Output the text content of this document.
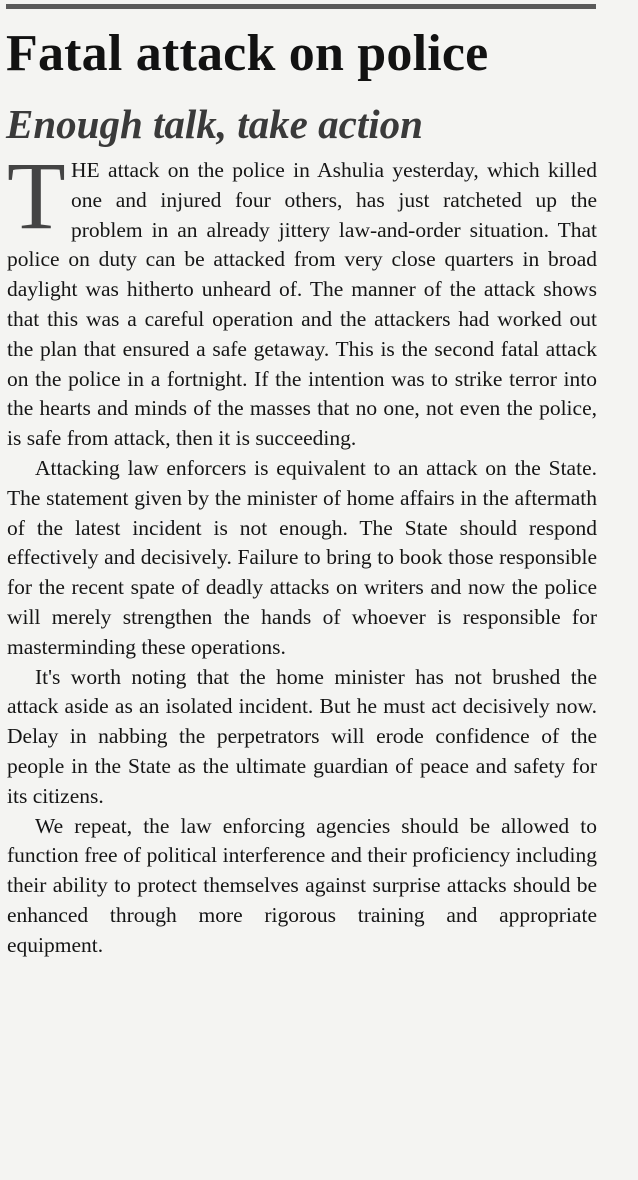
Fatal attack on police
Enough talk, take action

THE attack on the police in Ashulia yesterday, which killed one and injured four others, has just ratcheted up the problem in an already jittery law-and-order situation. That police on duty can be attacked from very close quarters in broad daylight was hitherto unheard of. The manner of the attack shows that this was a careful operation and the attackers had worked out the plan that ensured a safe getaway. This is the second fatal attack on the police in a fortnight. If the intention was to strike terror into the hearts and minds of the masses that no one, not even the police, is safe from attack, then it is succeeding.

Attacking law enforcers is equivalent to an attack on the State. The statement given by the minister of home affairs in the aftermath of the latest incident is not enough. The State should respond effectively and decisively. Failure to bring to book those responsible for the recent spate of deadly attacks on writers and now the police will merely strengthen the hands of whoever is responsible for masterminding these operations.

It's worth noting that the home minister has not brushed the attack aside as an isolated incident. But he must act decisively now. Delay in nabbing the perpetrators will erode confidence of the people in the State as the ultimate guardian of peace and safety for its citizens.

We repeat, the law enforcing agencies should be allowed to function free of political interference and their proficiency including their ability to protect themselves against surprise attacks should be enhanced through more rigorous training and appropriate equipment.
